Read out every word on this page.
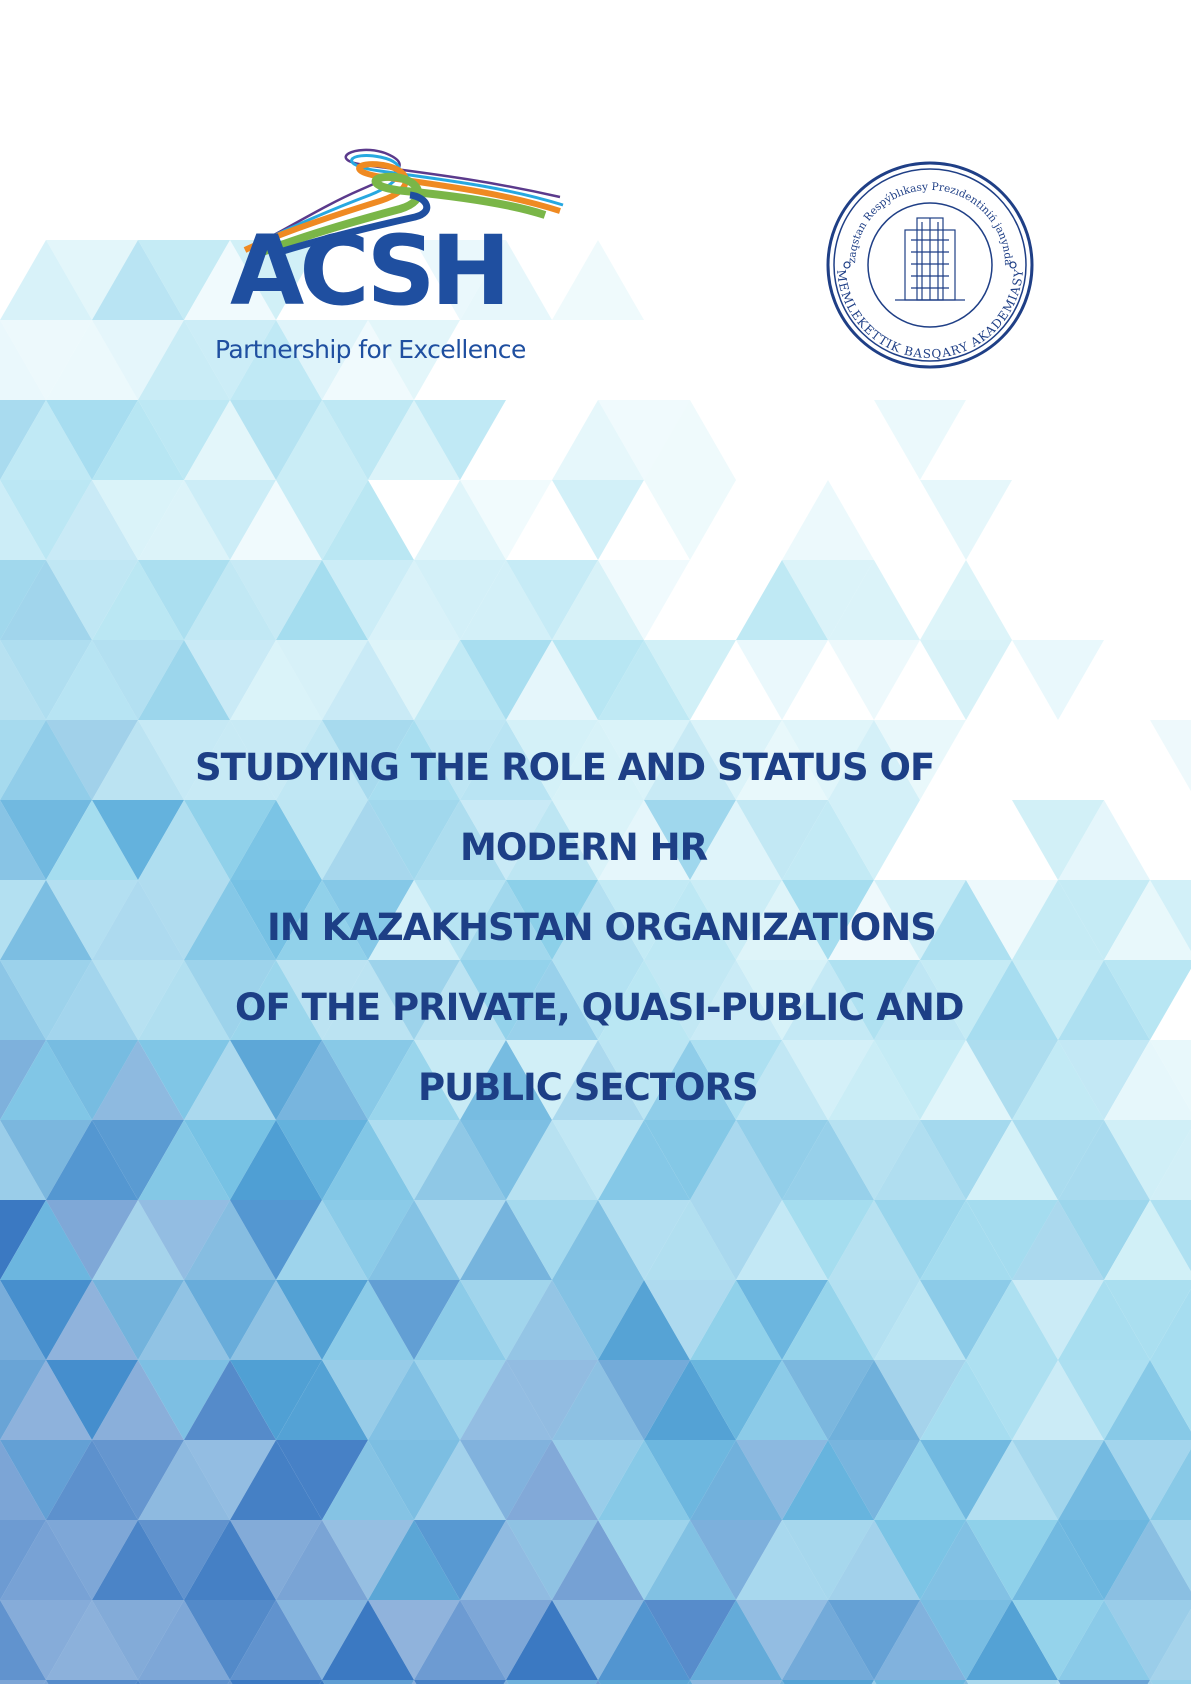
ACSH
Partnership for Excellence
zaqstan Respýblıkasy Prezıdentiniń janynda
MEMLEKETTIK BASQARY AKADEMIASY
STUDYING THE ROLE AND STATUS OF
MODERN HR
IN KAZAKHSTAN ORGANIZATIONS
OF THE PRIVATE, QUASI-PUBLIC AND
PUBLIC SECTORS
